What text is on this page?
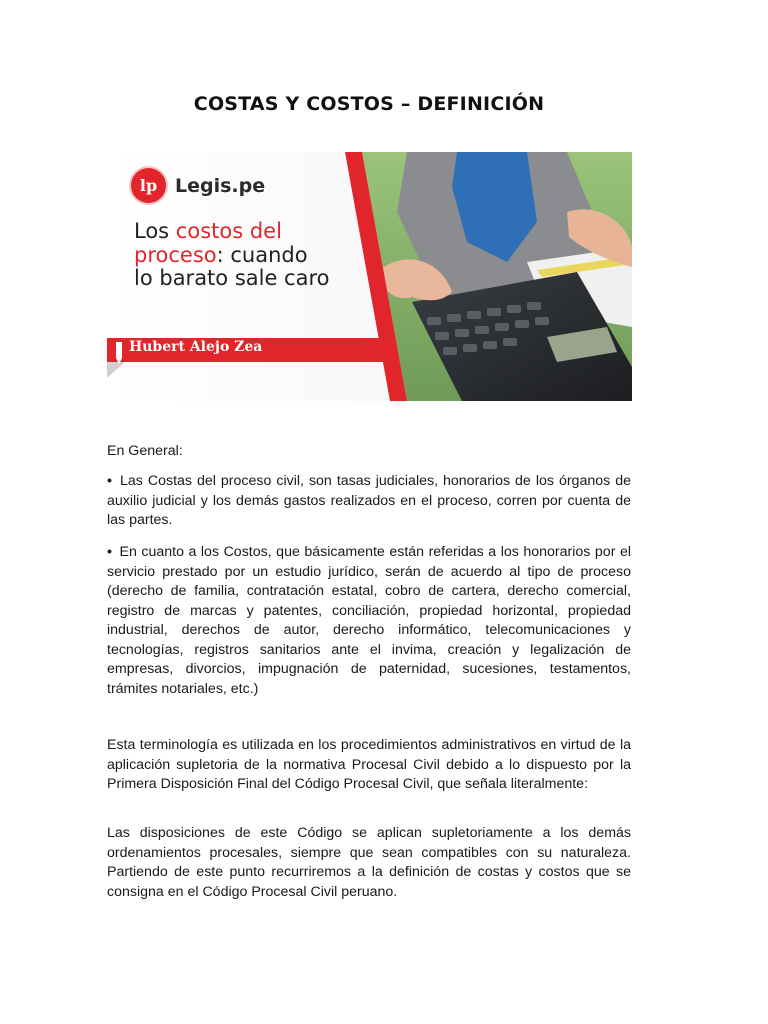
COSTAS Y COSTOS – DEFINICIÓN
lp Legis.pe
Los costos del
proceso: cuando
lo barato sale caro
Hubert Alejo Zea
En General:
• Las Costas del proceso civil, son tasas judiciales, honorarios de los órganos de auxilio judicial y los demás gastos realizados en el proceso, corren por cuenta de las partes.
• En cuanto a los Costos, que básicamente están referidas a los honorarios por el servicio prestado por un estudio jurídico, serán de acuerdo al tipo de proceso (derecho de familia, contratación estatal, cobro de cartera, derecho comercial, registro de marcas y patentes, conciliación, propiedad horizontal, propiedad industrial, derechos de autor, derecho informático, telecomunicaciones y tecnologías, registros sanitarios ante el invima, creación y legalización de empresas, divorcios, impugnación de paternidad, sucesiones, testamentos, trámites notariales, etc.)
Esta terminología es utilizada en los procedimientos administrativos en virtud de la aplicación supletoria de la normativa Procesal Civil debido a lo dispuesto por la Primera Disposición Final del Código Procesal Civil, que señala literalmente:
Las disposiciones de este Código se aplican supletoriamente a los demás ordenamientos procesales, siempre que sean compatibles con su naturaleza. Partiendo de este punto recurriremos a la definición de costas y costos que se consigna en el Código Procesal Civil peruano.
